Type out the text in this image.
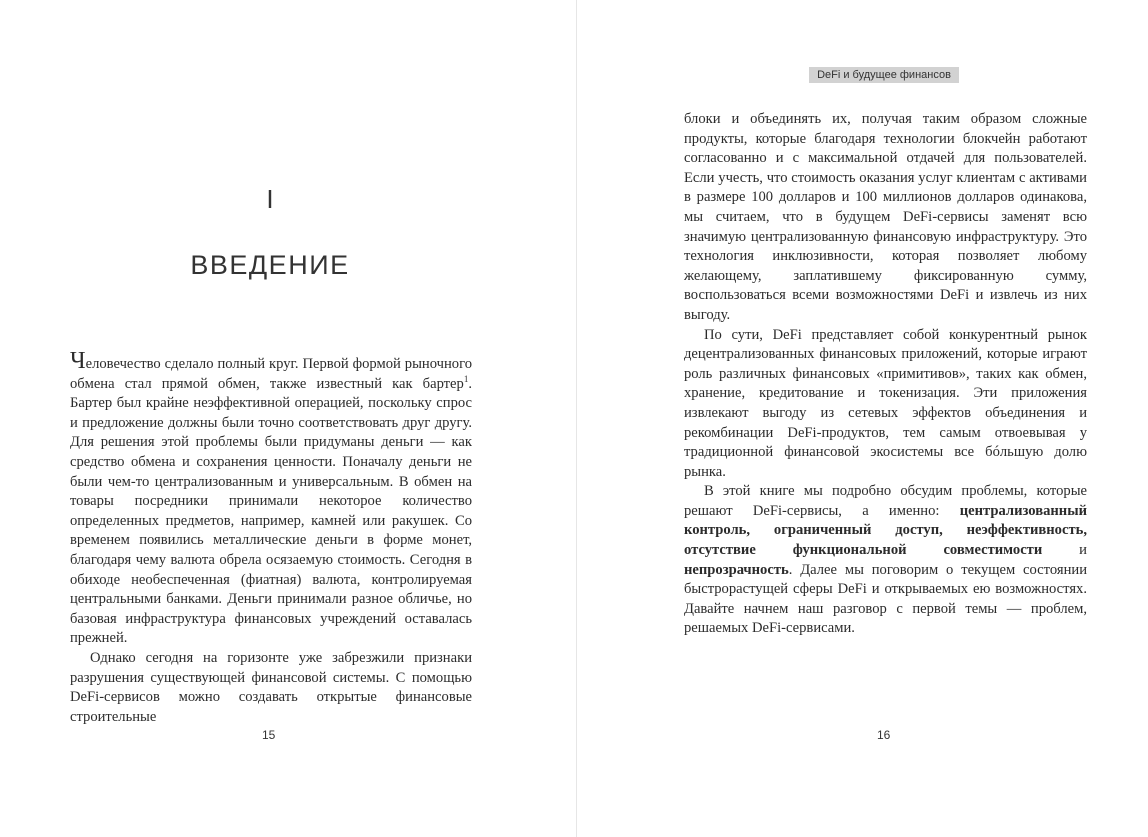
I
ВВЕДЕНИЕ

Человечество сделало полный круг. Первой формой рыночного обмена стал прямой обмен, также известный как бартер$^1$. Бартер был крайне неэффективной операцией, поскольку спрос и предложение должны были точно соответствовать друг другу. Для решения этой проблемы были придуманы деньги — как средство обмена и сохранения ценности. Поначалу деньги не были чем-то централизованным и универсальным. В обмен на товары посредники принимали некоторое количество определенных предметов, например, камней или ракушек. Со временем появились металлические деньги в форме монет, благодаря чему валюта обрела осязаемую стоимость. Сегодня в обиходе необеспеченная (фиатная) валюта, контролируемая центральными банками. Деньги принимали разное обличье, но базовая инфраструктура финансовых учреждений оставалась прежней.

Однако сегодня на горизонте уже забрезжили признаки разрушения существующей финансовой системы. С помощью DeFi-сервисов можно создавать открытые финансовые строительные

15
DeFi и будущее финансов

блоки и объединять их, получая таким образом сложные продукты, которые благодаря технологии блокчейн работают согласованно и с максимальной отдачей для пользователей. Если учесть, что стоимость оказания услуг клиентам с активами в размере 100 долларов и 100 миллионов долларов одинакова, мы считаем, что в будущем DeFi-сервисы заменят всю значимую централизованную финансовую инфраструктуру. Это технология инклюзивности, которая позволяет любому желающему, заплатившему фиксированную сумму, воспользоваться всеми возможностями DeFi и извлечь из них выгоду.

По сути, DeFi представляет собой конкурентный рынок децентрализованных финансовых приложений, которые играют роль различных финансовых «примитивов», таких как обмен, хранение, кредитование и токенизация. Эти приложения извлекают выгоду из сетевых эффектов объединения и рекомбинации DeFi-продуктов, тем самым отвоевывая у традиционной финансовой экосистемы все бóльшую долю рынка.

В этой книге мы подробно обсудим проблемы, которые решают DeFi-сервисы, а именно: централизованный контроль, ограниченный доступ, неэффективность, отсутствие функциональной совместимости и непрозрачность. Далее мы поговорим о текущем состоянии быстрорастущей сферы DeFi и открываемых ею возможностях. Давайте начнем наш разговор с первой темы — проблем, решаемых DeFi-сервисами.

16
